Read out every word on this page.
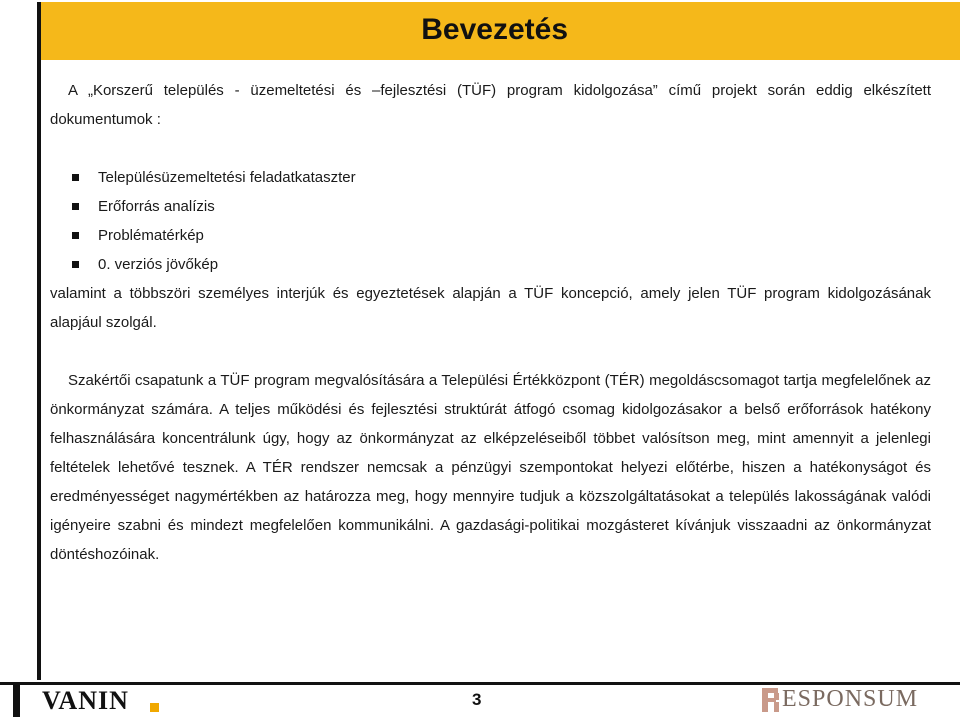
Bevezetés

A „Korszerű település - üzemeltetési és –fejlesztési (TÜF) program kidolgozása” című projekt során eddig elkészített dokumentumok :

Településüzemeltetési feladatkataszter
Erőforrás analízis
Problématérkép
0. verziós jövőkép

valamint a többszöri személyes interjúk és egyeztetések alapján a TÜF koncepció, amely jelen TÜF program kidolgozásának alapjául szolgál.

Szakértői csapatunk a TÜF program megvalósítására a Települési Értékközpont (TÉR) megoldáscsomagot tartja megfelelőnek az önkormányzat számára. A teljes működési és fejlesztési struktúrát átfogó csomag kidolgozásakor a belső erőforrások hatékony felhasználására koncentrálunk úgy, hogy az önkormányzat az elképzeléseiből többet valósítson meg, mint amennyit a jelenlegi feltételek lehetővé tesznek. A TÉR rendszer nemcsak a pénzügyi szempontokat helyezi előtérbe, hiszen a hatékonyságot és eredményességet nagymértékben az határozza meg, hogy mennyire tudjuk a közszolgáltatásokat a település lakosságának valódi igényeire szabni és mindezt megfelelően kommunikálni. A gazdasági-politikai mozgásteret kívánjuk visszaadni az önkormányzat döntéshozóinak.

VANIN	3	ESPONSUM
